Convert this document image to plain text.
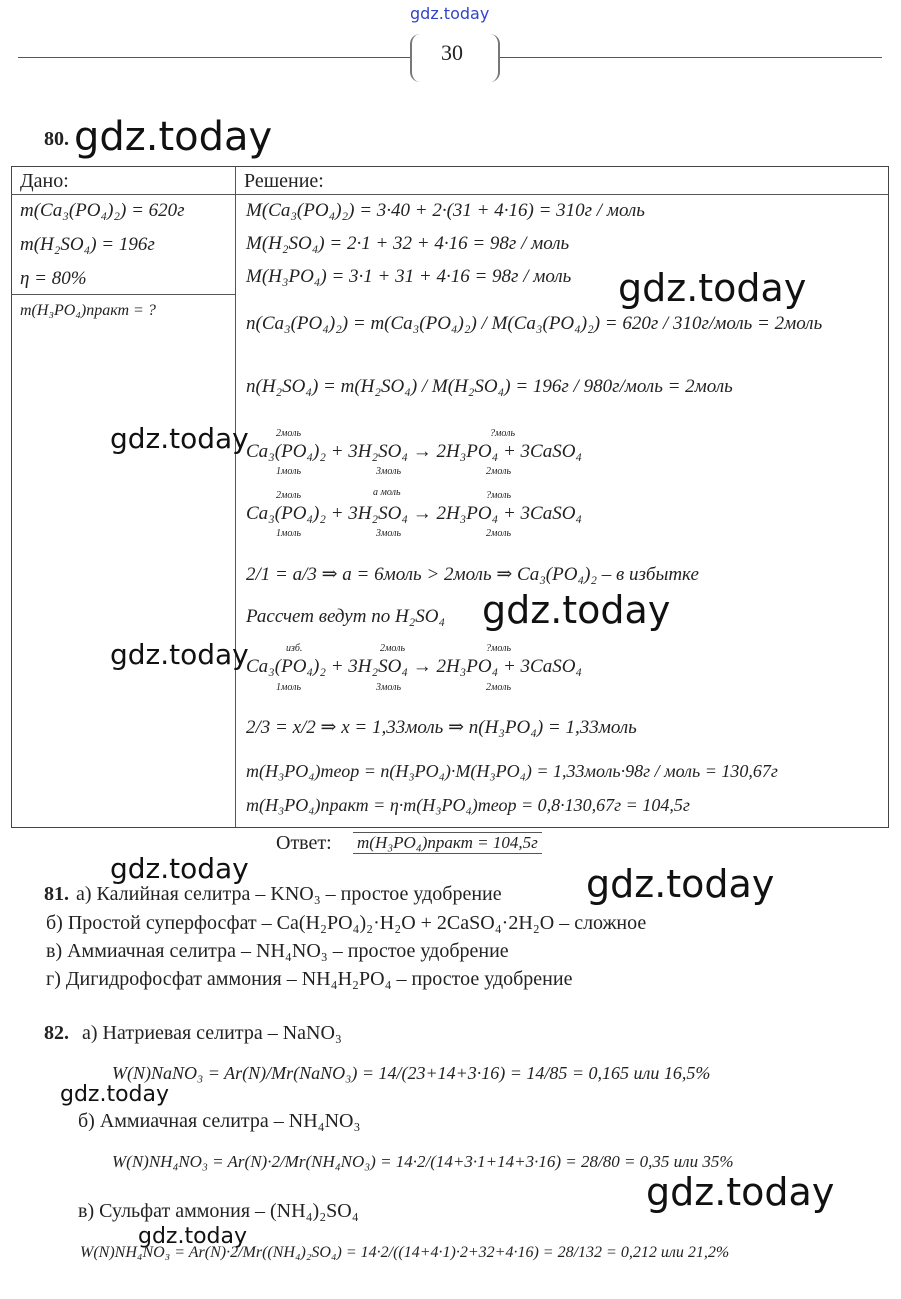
gdz.today
30
80. gdz.today
Дано:	Решение:
m(Ca₃(PO₄)₂) = 620г
m(H₂SO₄) = 196г
η = 80%
m(H₃PO₄)практ = ?
M(Ca₃(PO₄)₂) = 3·40 + 2·(31 + 4·16) = 310г / моль
M(H₂SO₄) = 2·1 + 32 + 4·16 = 98г / моль
M(H₃PO₄) = 3·1 + 31 + 4·16 = 98г / моль
n(Ca₃(PO₄)₂) = m(Ca₃(PO₄)₂) / M(Ca₃(PO₄)₂) = 620г / 310г/моль = 2моль
n(H₂SO₄) = m(H₂SO₄) / M(H₂SO₄) = 196г / 980г/моль = 2моль
2моль	?моль
Ca₃(PO₄)₂ + 3H₂SO₄ → 2H₃PO₄ + 3CaSO₄
1моль	3моль	2моль
2моль	а моль	?моль
Ca₃(PO₄)₂ + 3H₂SO₄ → 2H₃PO₄ + 3CaSO₄
1моль	3моль	2моль
2/1 = a/3 ⇒ a = 6моль > 2моль ⇒ Ca₃(PO₄)₂ – в избытке
Рассчет ведут по H₂SO₄
изб.	2моль	?моль
Ca₃(PO₄)₂ + 3H₂SO₄ → 2H₃PO₄ + 3CaSO₄
1моль	3моль	2моль
2/3 = x/2 ⇒ x = 1,33моль ⇒ n(H₃PO₄) = 1,33моль
m(H₃PO₄)теор = n(H₃PO₄)·M(H₃PO₄) = 1,33моль·98г / моль = 130,67г
m(H₃PO₄)практ = η·m(H₃PO₄)теор = 0,8·130,67г = 104,5г
Ответ: m(H₃PO₄)практ = 104,5г
gdz.today
gdz.today
gdz.today
gdz.today
gdz.today
81. а) Калийная селитра – KNO₃ – простое удобрение gdz.today
б) Простой суперфосфат – Ca(H₂PO₄)₂·H₂O + 2CaSO₄·2H₂O – сложное
в) Аммиачная селитра – NH₄NO₃ – простое удобрение
г) Дигидрофосфат аммония – NH₄H₂PO₄ – простое удобрение
82. а) Натриевая селитра – NaNO₃
W(N)NaNO₃ = Ar(N)/Mr(NaNO₃) = 14/(23+14+3·16) = 14/85 = 0,165 или 16,5%
gdz.today
б) Аммиачная селитра – NH₄NO₃
W(N)NH₄NO₃ = Ar(N)·2/Mr(NH₄NO₃) = 14·2/(14+3·1+14+3·16) = 28/80 = 0,35 или 35%
gdz.today
в) Сульфат аммония – (NH₄)₂SO₄
gdz.today
W(N)NH₄NO₃ = Ar(N)·2/Mr((NH₄)₂SO₄) = 14·2/((14+4·1)·2+32+4·16) = 28/132 = 0,212 или 21,2%
